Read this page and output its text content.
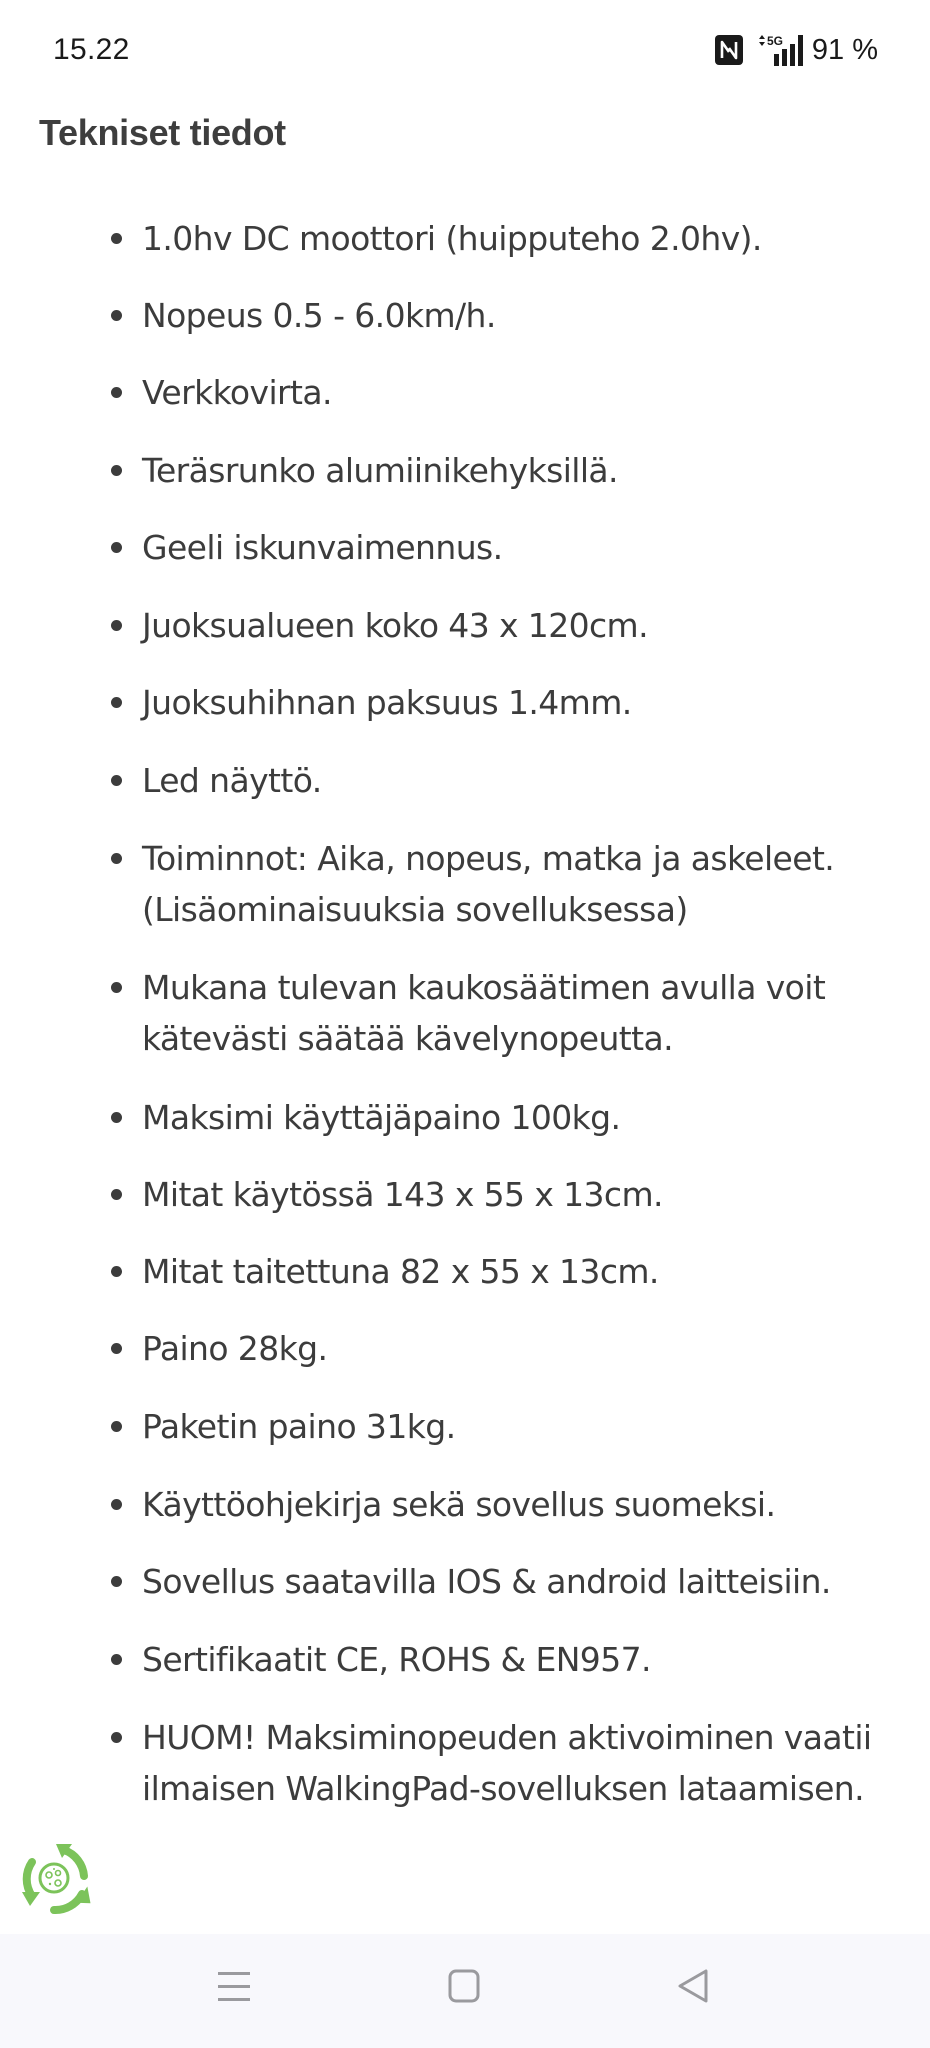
15.22	5G 91 %
Tekniset tiedot
1.0hv DC moottori (huipputeho 2.0hv).
Nopeus 0.5 - 6.0km/h.
Verkkovirta.
Teräsrunko alumiinikehyksillä.
Geeli iskunvaimennus.
Juoksualueen koko 43 x 120cm.
Juoksuhihnan paksuus 1.4mm.
Led näyttö.
Toiminnot: Aika, nopeus, matka ja askeleet. (Lisäominaisuuksia sovelluksessa)
Mukana tulevan kaukosäätimen avulla voit kätevästi säätää kävelynopeutta.
Maksimi käyttäjäpaino 100kg.
Mitat käytössä 143 x 55 x 13cm.
Mitat taitettuna 82 x 55 x 13cm.
Paino 28kg.
Paketin paino 31kg.
Käyttöohjekirja sekä sovellus suomeksi.
Sovellus saatavilla IOS & android laitteisiin.
Sertifikaatit CE, ROHS & EN957.
HUOM! Maksiminopeuden aktivoiminen vaatii ilmaisen WalkingPad-sovelluksen lataamisen.
